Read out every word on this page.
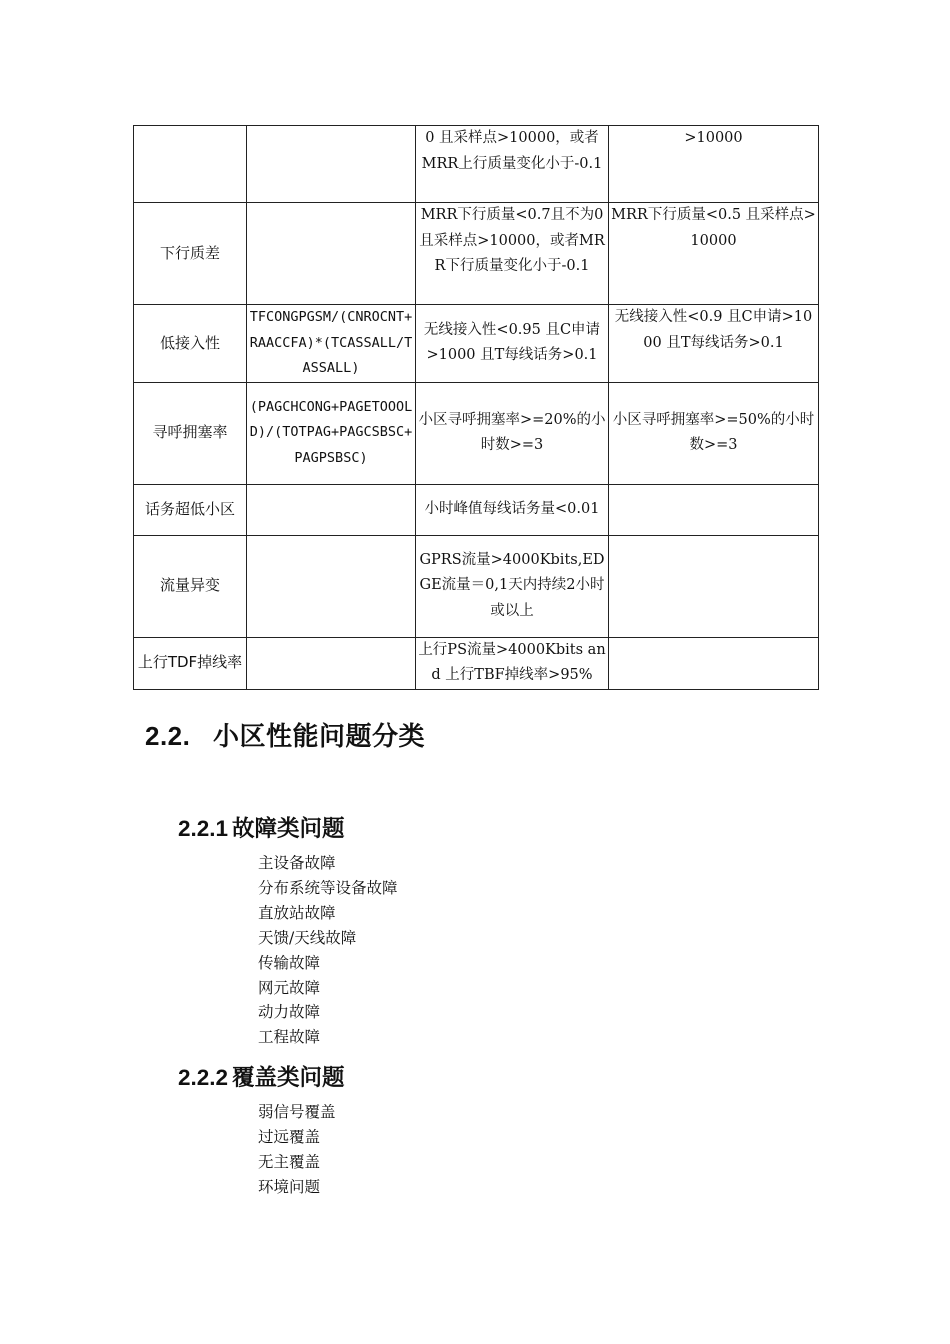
		0 且采样点>10000，或者MRR上行质量变化小于-0.1	>10000
下行质差		MRR下行质量<0.7且不为0 且采样点>10000，或者MRR下行质量变化小于-0.1	MRR下行质量<0.5 且采样点>10000
低接入性	TFCONGPGSM/(CNROCNT+RAACCFA)*(TCASSALL/TASSALL)	无线接入性<0.95 且C申请>1000 且T每线话务>0.1	无线接入性<0.9 且C申请>1000 且T每线话务>0.1
寻呼拥塞率	(PAGCHCONG+PAGETOOOLD)/(TOTPAG+PAGCSBSC+PAGPSBSC)	小区寻呼拥塞率>=20%的小时数>=3	小区寻呼拥塞率>=50%的小时数>=3
话务超低小区		小时峰值每线话务量<0.01	
流量异变		GPRS流量>4000Kbits,EDGE流量＝0,1天内持续2小时或以上	
上行TDF掉线率		上行PS流量>4000Kbits and 上行TBF掉线率>95%	
2.2. 小区性能问题分类
2.2.1 故障类问题
主设备故障
分布系统等设备故障
直放站故障
天馈/天线故障
传输故障
网元故障
动力故障
工程故障
2.2.2 覆盖类问题
弱信号覆盖
过远覆盖
无主覆盖
环境问题
